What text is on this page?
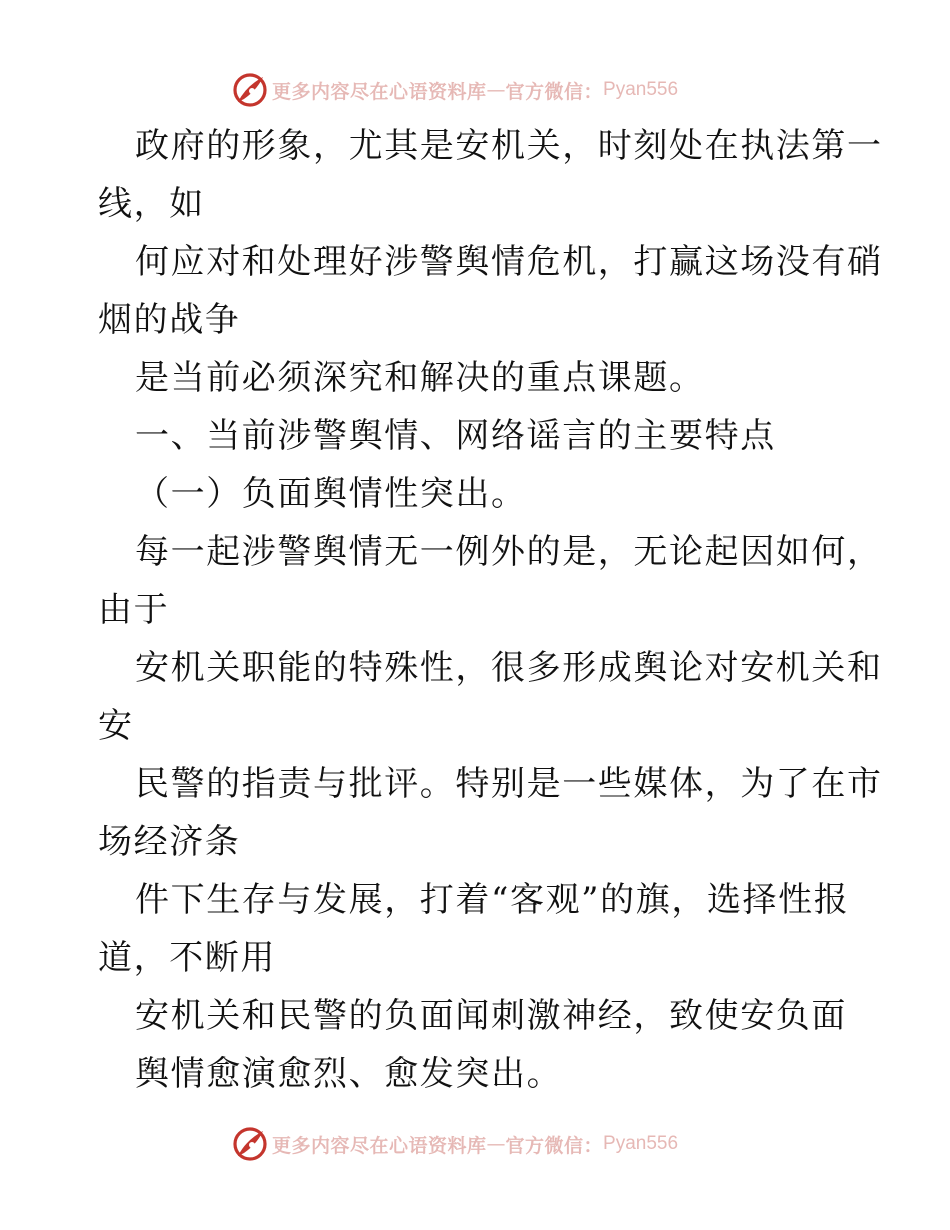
更多内容尽在心语资料库 — 官方微信： Pyan556
政府的形象，尤其是安机关，时刻处在执法第一
线，如
何应对和处理好涉警舆情危机，打赢这场没有硝
烟的战争
是当前必须深究和解决的重点课题。
一、当前涉警舆情、网络谣言的主要特点
（一）负面舆情性突出。
每一起涉警舆情无一例外的是，无论起因如何，
由于
安机关职能的特殊性，很多形成舆论对安机关和
安
民警的指责与批评。特别是一些媒体，为了在市
场经济条
件下生存与发展，打着“客观”的旗，选择性报
道，不断用
安机关和民警的负面闻刺激神经，致使安负面
舆情愈演愈烈、愈发突出。
更多内容尽在心语资料库 — 官方微信： Pyan556
